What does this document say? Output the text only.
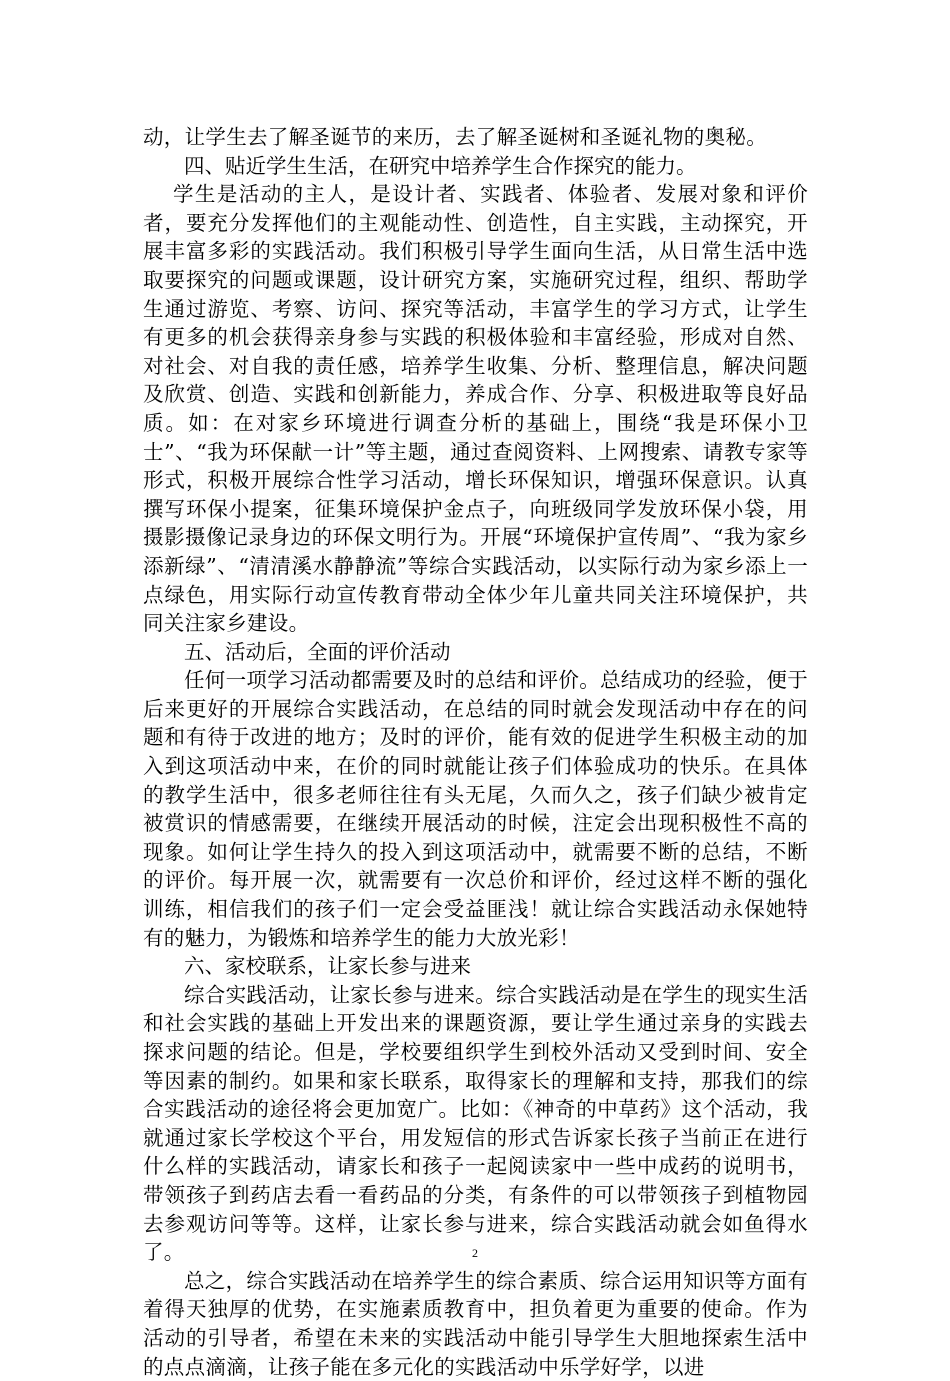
动，让学生去了解圣诞节的来历，去了解圣诞树和圣诞礼物的奥秘。

四、贴近学生生活，在研究中培养学生合作探究的能力。

学生是活动的主人，是设计者、实践者、体验者、发展对象和评价者，要充分发挥他们的主观能动性、创造性，自主实践，主动探究，开展丰富多彩的实践活动。我们积极引导学生面向生活，从日常生活中选取要探究的问题或课题，设计研究方案，实施研究过程，组织、帮助学生通过游览、考察、访问、探究等活动，丰富学生的学习方式，让学生有更多的机会获得亲身参与实践的积极体验和丰富经验，形成对自然、对社会、对自我的责任感，培养学生收集、分析、整理信息，解决问题及欣赏、创造、实践和创新能力，养成合作、分享、积极进取等良好品质。如：在对家乡环境进行调查分析的基础上，围绕“我是环保小卫士”、“我为环保献一计”等主题，通过查阅资料、上网搜索、请教专家等形式，积极开展综合性学习活动，增长环保知识，增强环保意识。认真撰写环保小提案，征集环境保护金点子，向班级同学发放环保小袋，用摄影摄像记录身边的环保文明行为。开展“环境保护宣传周”、“我为家乡添新绿”、“清清溪水静静流”等综合实践活动，以实际行动为家乡添上一点绿色，用实际行动宣传教育带动全体少年儿童共同关注环境保护，共同关注家乡建设。

五、活动后，全面的评价活动

任何一项学习活动都需要及时的总结和评价。总结成功的经验，便于后来更好的开展综合实践活动，在总结的同时就会发现活动中存在的问题和有待于改进的地方；及时的评价，能有效的促进学生积极主动的加入到这项活动中来，在价的同时就能让孩子们体验成功的快乐。在具体的教学生活中，很多老师往往有头无尾，久而久之，孩子们缺少被肯定被赏识的情感需要，在继续开展活动的时候，注定会出现积极性不高的现象。如何让学生持久的投入到这项活动中，就需要不断的总结，不断的评价。每开展一次，就需要有一次总价和评价，经过这样不断的强化训练，相信我们的孩子们一定会受益匪浅！就让综合实践活动永保她特有的魅力，为锻炼和培养学生的能力大放光彩！

六、家校联系，让家长参与进来

综合实践活动，让家长参与进来。综合实践活动是在学生的现实生活和社会实践的基础上开发出来的课题资源，要让学生通过亲身的实践去探求问题的结论。但是，学校要组织学生到校外活动又受到时间、安全等因素的制约。如果和家长联系，取得家长的理解和支持，那我们的综合实践活动的途径将会更加宽广。比如：《神奇的中草药》这个活动，我就通过家长学校这个平台，用发短信的形式告诉家长孩子当前正在进行什么样的实践活动，请家长和孩子一起阅读家中一些中成药的说明书，带领孩子到药店去看一看药品的分类，有条件的可以带领孩子到植物园去参观访问等等。这样，让家长参与进来，综合实践活动就会如鱼得水了。

总之，综合实践活动在培养学生的综合素质、综合运用知识等方面有着得天独厚的优势，在实施素质教育中，担负着更为重要的使命。作为活动的引导者，希望在未来的实践活动中能引导学生大胆地探索生活中的点点滴滴，让孩子能在多元化的实践活动中乐学好学，以进

2
